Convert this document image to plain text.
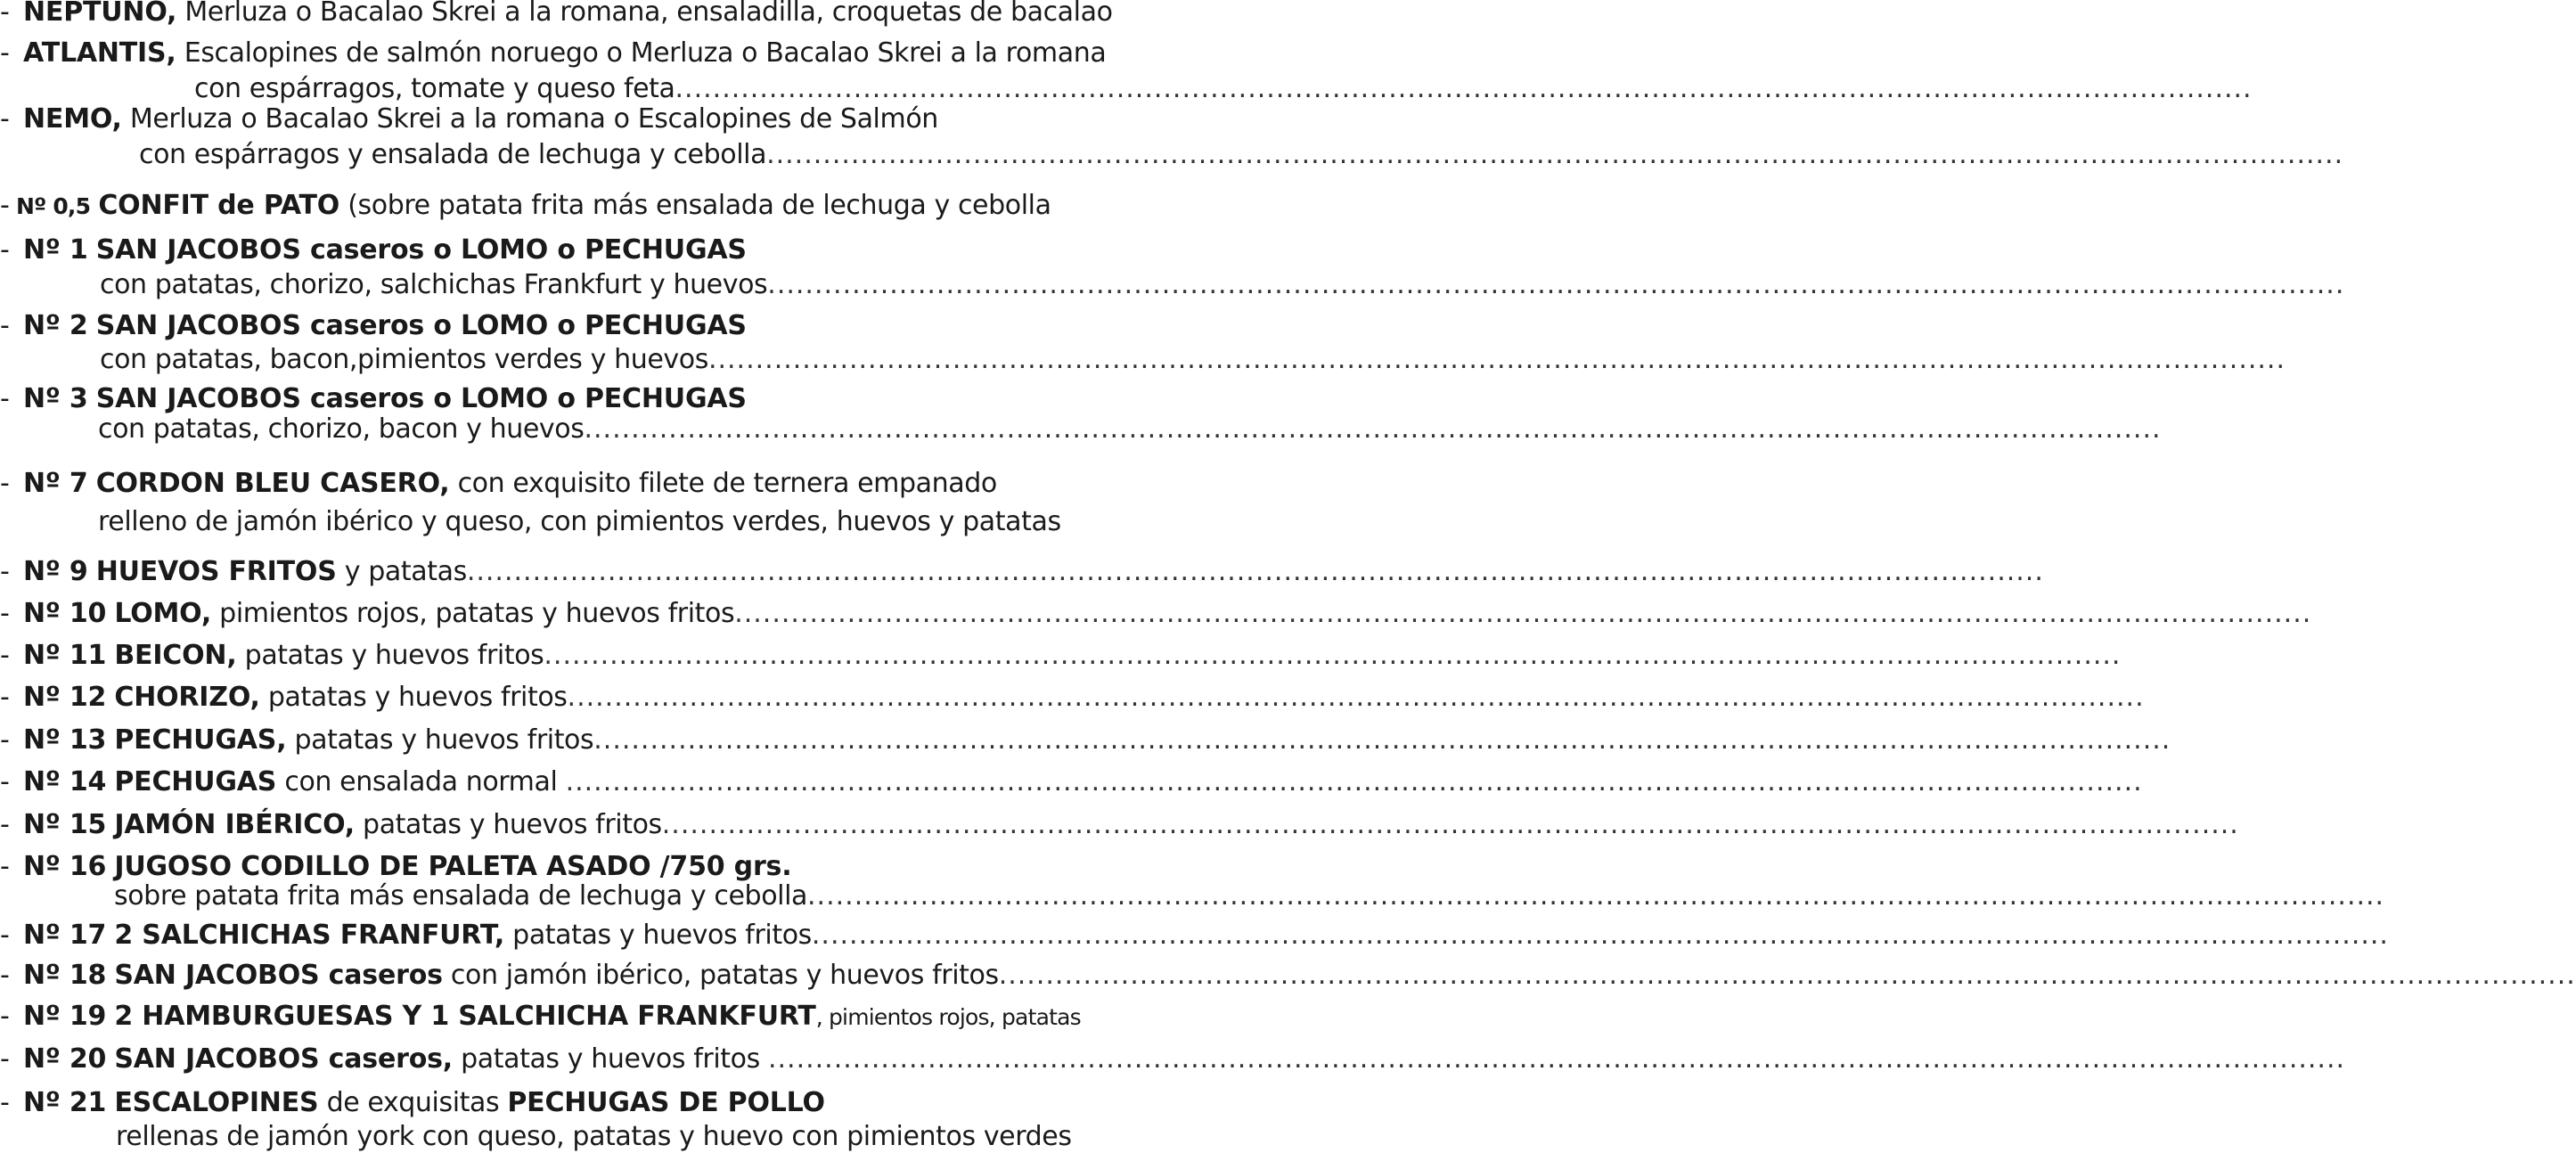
- NEPTUNO, Merluza o Bacalao Skrei a la romana, ensaladilla, croquetas de bacalao
- ATLANTIS, Escalopines de salmón noruego o Merluza o Bacalao Skrei a la romana
con espárragos, tomate y queso feta........................................................................................................................................................................
- NEMO, Merluza o Bacalao Skrei a la romana o Escalopines de Salmón
con espárragos y ensalada de lechuga y cebolla........................................................................................................................................................................
- Nº 0,5 CONFIT de PATO (sobre patata frita más ensalada de lechuga y cebolla
- Nº 1 SAN JACOBOS caseros o LOMO o PECHUGAS
con patatas, chorizo, salchichas Frankfurt y huevos........................................................................................................................................................................
- Nº 2 SAN JACOBOS caseros o LOMO o PECHUGAS
con patatas, bacon,pimientos verdes y huevos........................................................................................................................................................................
- Nº 3 SAN JACOBOS caseros o LOMO o PECHUGAS
con patatas, chorizo, bacon y huevos........................................................................................................................................................................
- Nº 7 CORDON BLEU CASERO, con exquisito filete de ternera empanado
relleno de jamón ibérico y queso, con pimientos verdes, huevos y patatas
- Nº 9 HUEVOS FRITOS y patatas........................................................................................................................................................................
- Nº 10 LOMO, pimientos rojos, patatas y huevos fritos........................................................................................................................................................................
- Nº 11 BEICON, patatas y huevos fritos........................................................................................................................................................................
- Nº 12 CHORIZO, patatas y huevos fritos........................................................................................................................................................................
- Nº 13 PECHUGAS, patatas y huevos fritos........................................................................................................................................................................
- Nº 14 PECHUGAS con ensalada normal ........................................................................................................................................................................
- Nº 15 JAMÓN IBÉRICO, patatas y huevos fritos........................................................................................................................................................................
- Nº 16 JUGOSO CODILLO DE PALETA ASADO /750 grs.
sobre patata frita más ensalada de lechuga y cebolla........................................................................................................................................................................
- Nº 17 2 SALCHICHAS FRANFURT, patatas y huevos fritos........................................................................................................................................................................
- Nº 18 SAN JACOBOS caseros con jamón ibérico, patatas y huevos fritos........................................................................................................................................................................
- Nº 19 2 HAMBURGUESAS Y 1 SALCHICHA FRANKFURT, pimientos rojos, patatas
- Nº 20 SAN JACOBOS caseros, patatas y huevos fritos ........................................................................................................................................................................
- Nº 21 ESCALOPINES de exquisitas PECHUGAS DE POLLO
rellenas de jamón york con queso, patatas y huevo con pimientos verdes
